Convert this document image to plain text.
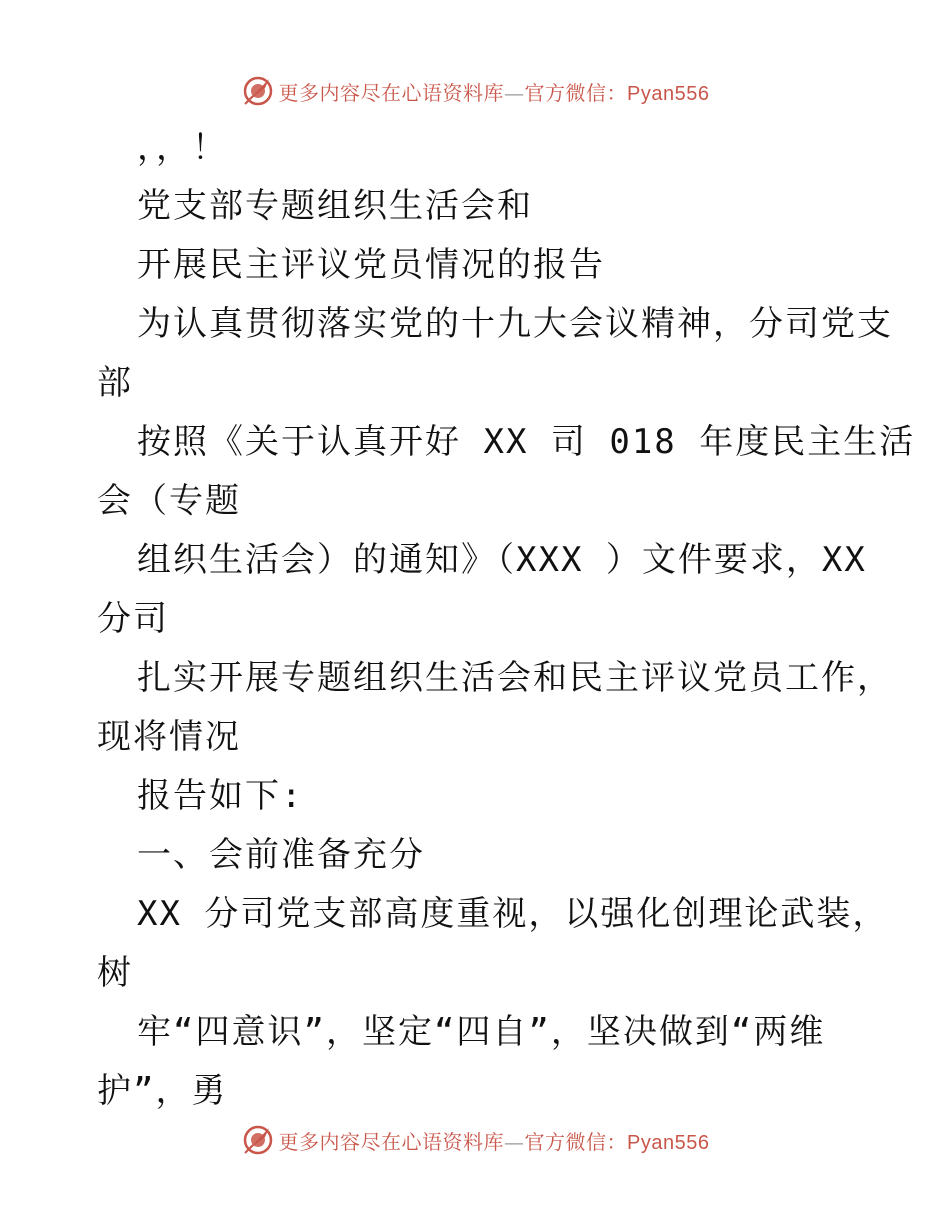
更多内容尽在心语资料库—官方微信：Pyan556
，，！
党支部专题组织生活会和
开展民主评议党员情况的报告
为认真贯彻落实党的十九大会议精神，分司党支
部
按照《关于认真开好 XX 司 018 年度民主生活
会（专题
组织生活会）的通知》（XXX ）文件要求，XX
分司
扎实开展专题组织生活会和民主评议党员工作，
现将情况
报告如下:
一、会前准备充分
XX 分司党支部高度重视，以强化创理论武装，
树
牢“四意识”，坚定“四自”，坚决做到“两维
护”，勇
更多内容尽在心语资料库—官方微信：Pyan556
